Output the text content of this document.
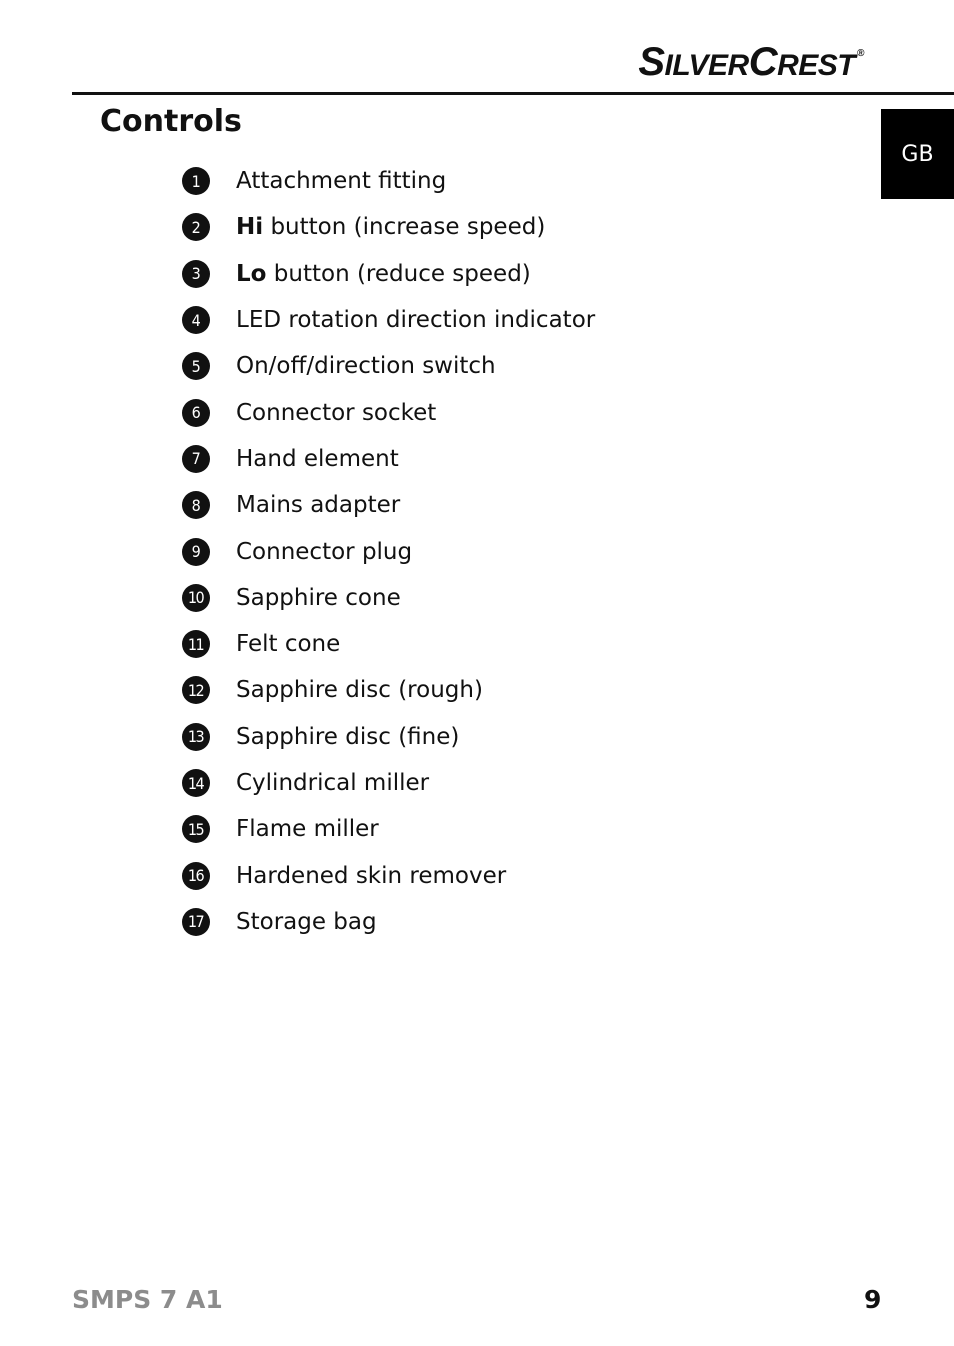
SILVERCREST ®
GB
Controls
1	Attachment fitting
2	Hi button (increase speed)
3	Lo button (reduce speed)
4	LED rotation direction indicator
5	On/off/direction switch
6	Connector socket
7	Hand element
8	Mains adapter
9	Connector plug
10 Sapphire cone
11 Felt cone
12 Sapphire disc (rough)
13 Sapphire disc (fine)
14 Cylindrical miller
15 Flame miller
16 Hardened skin remover
17 Storage bag
SMPS 7 A1	9
